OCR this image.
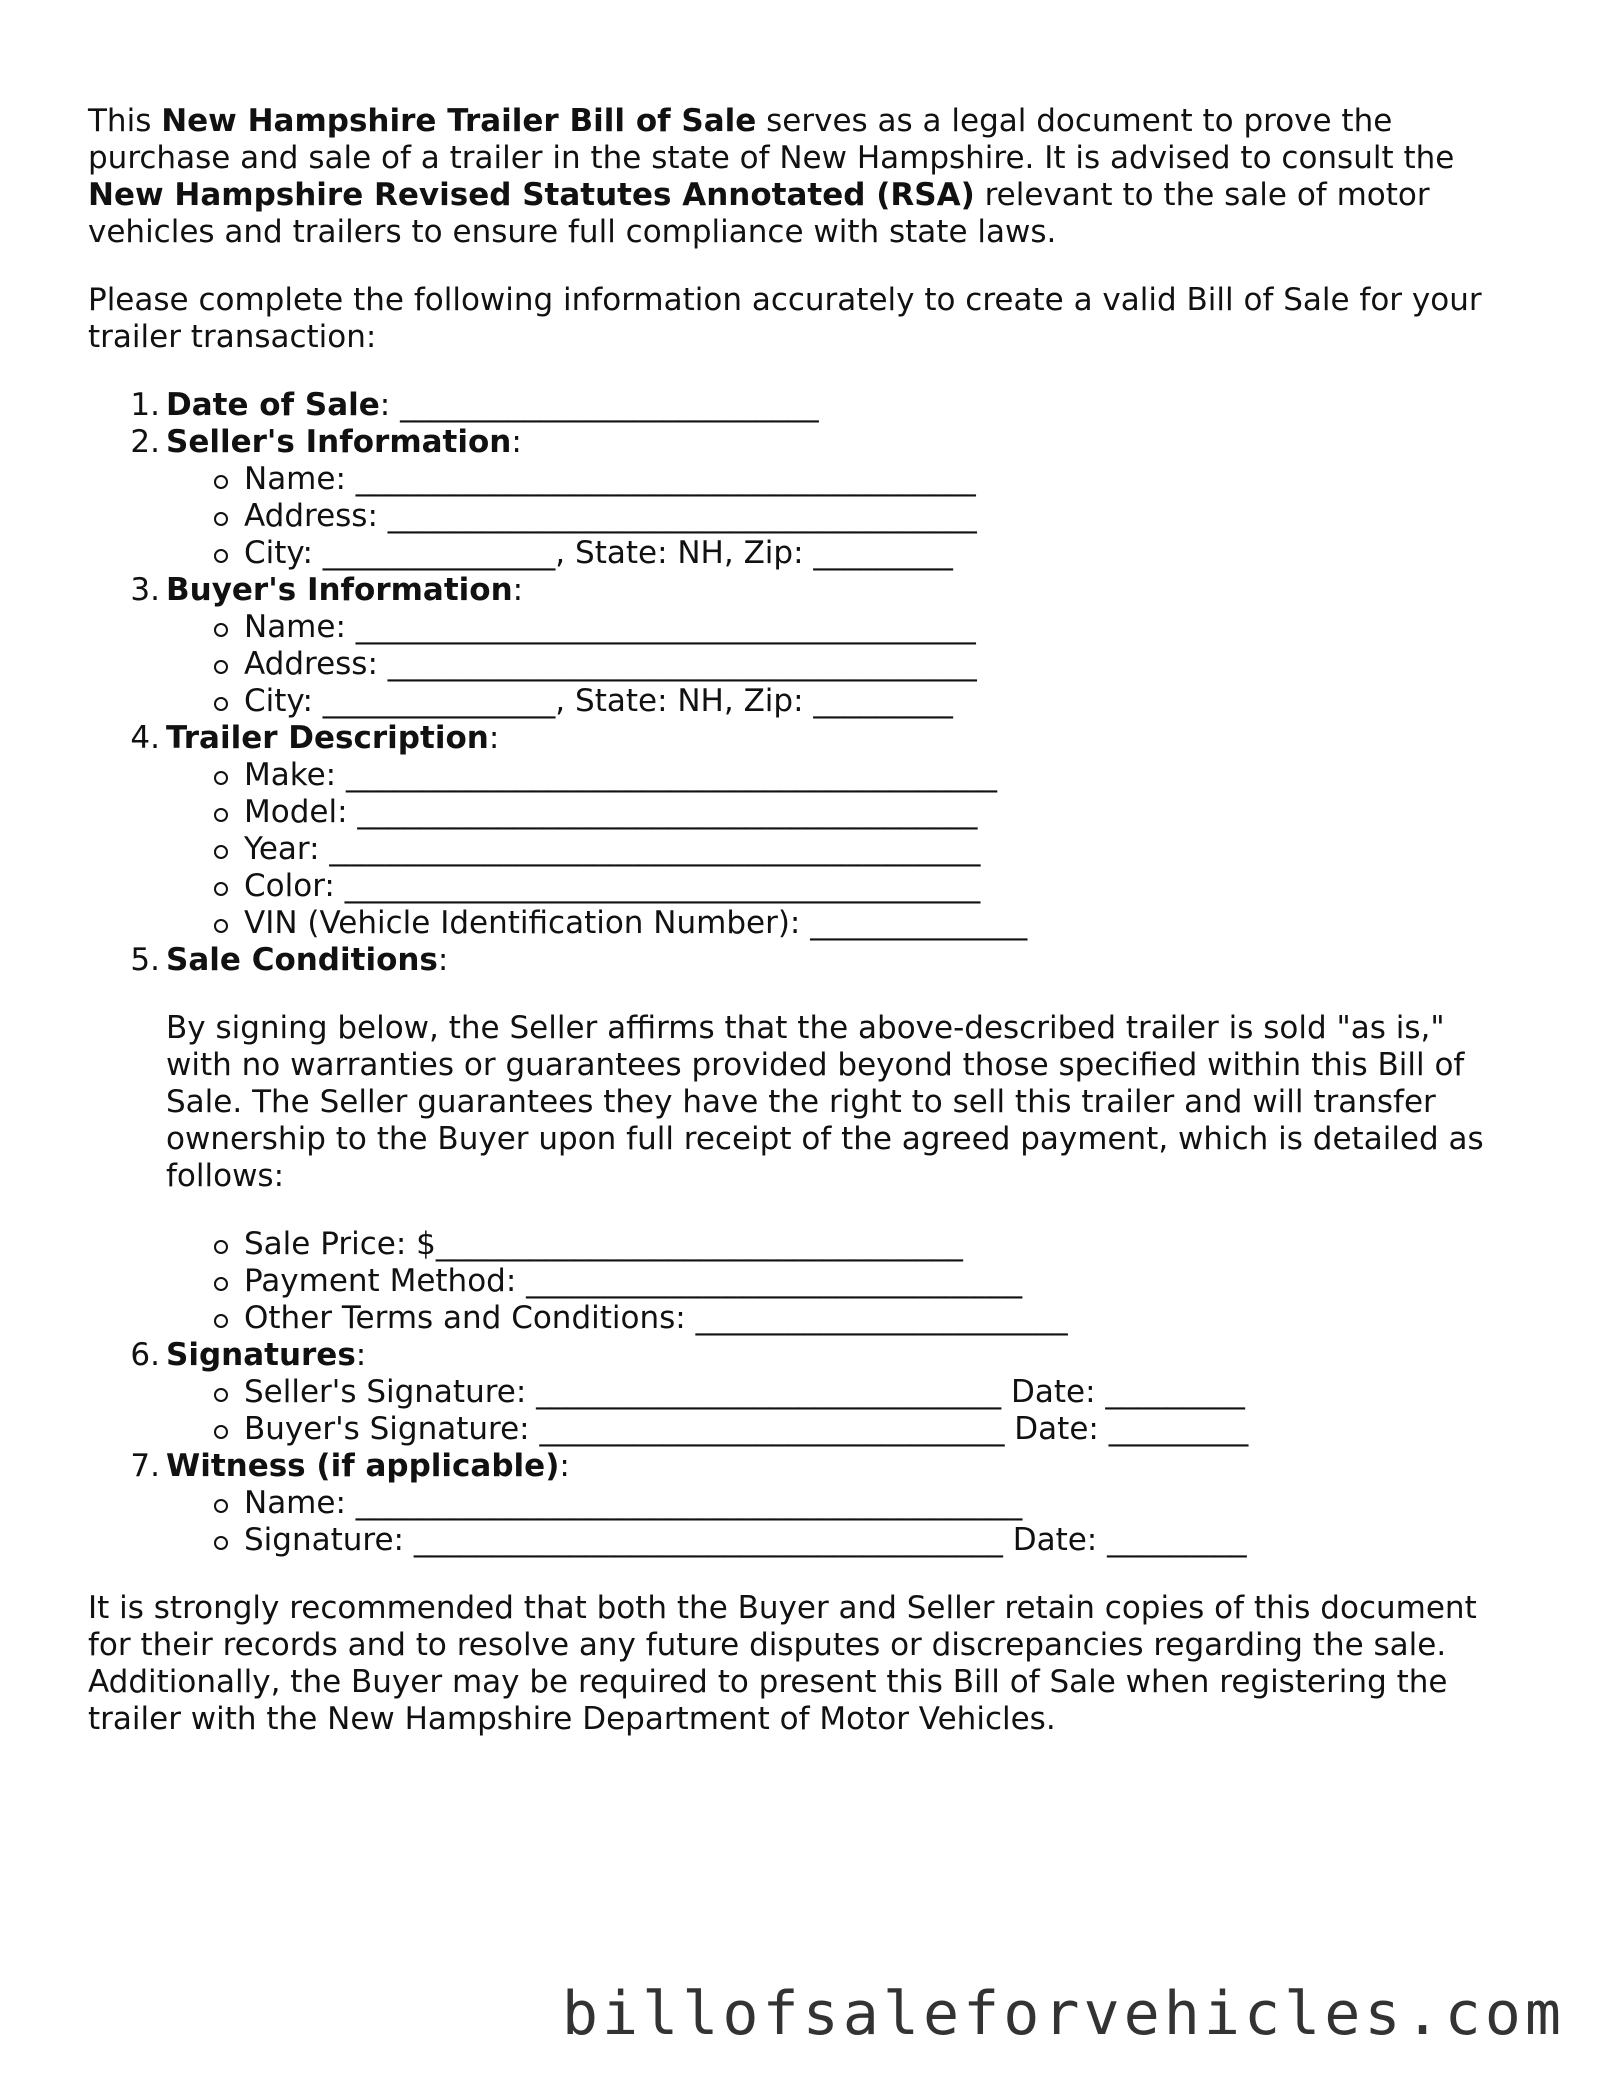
This New Hampshire Trailer Bill of Sale serves as a legal document to prove the purchase and sale of a trailer in the state of New Hampshire. It is advised to consult the New Hampshire Revised Statutes Annotated (RSA) relevant to the sale of motor vehicles and trailers to ensure full compliance with state laws.

Please complete the following information accurately to create a valid Bill of Sale for your trailer transaction:

1. Date of Sale: ___________________________
2. Seller's Information:
Name: ________________________________________
Address: ______________________________________
City: _______________, State: NH, Zip: _________
3. Buyer's Information:
Name: ________________________________________
Address: ______________________________________
City: _______________, State: NH, Zip: _________
4. Trailer Description:
Make: __________________________________________
Model: ________________________________________
Year: __________________________________________
Color: _________________________________________
VIN (Vehicle Identification Number): ______________
5. Sale Conditions:

By signing below, the Seller affirms that the above-described trailer is sold "as is," with no warranties or guarantees provided beyond those specified within this Bill of Sale. The Seller guarantees they have the right to sell this trailer and will transfer ownership to the Buyer upon full receipt of the agreed payment, which is detailed as follows:

Sale Price: $__________________________________
Payment Method: ________________________________
Other Terms and Conditions: ________________________
6. Signatures:
Seller's Signature: ______________________________ Date: _________
Buyer's Signature: ______________________________ Date: _________
7. Witness (if applicable):
Name: ___________________________________________
Signature: ______________________________________ Date: _________

It is strongly recommended that both the Buyer and Seller retain copies of this document for their records and to resolve any future disputes or discrepancies regarding the sale. Additionally, the Buyer may be required to present this Bill of Sale when registering the trailer with the New Hampshire Department of Motor Vehicles.

billofsaleforvehicles.com
